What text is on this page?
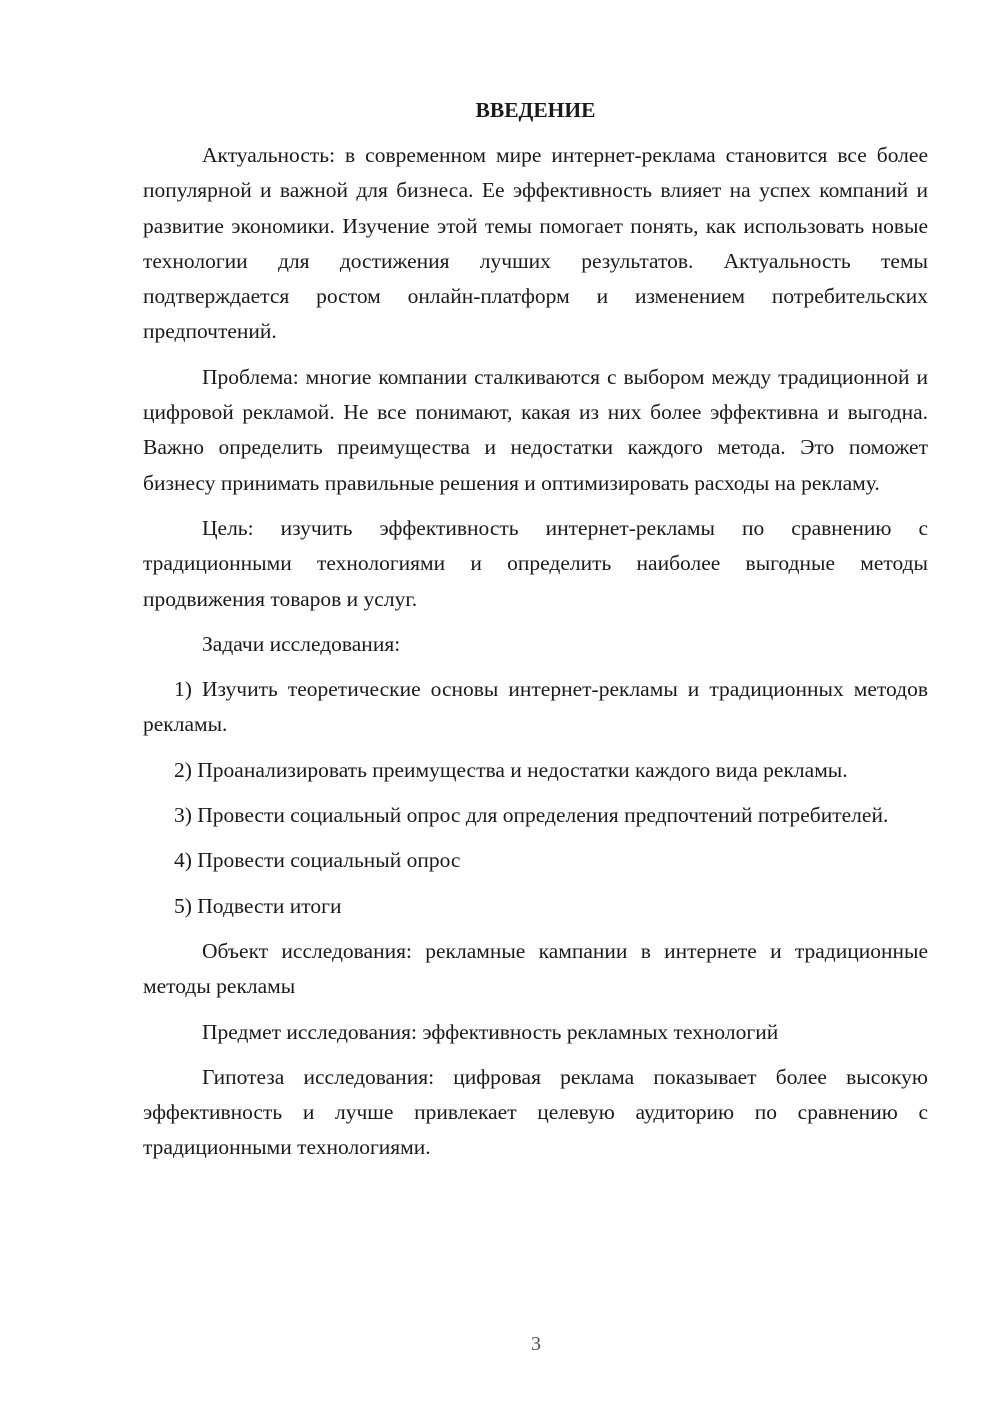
ВВЕДЕНИЕ

Актуальность: в современном мире интернет-реклама становится все более популярной и важной для бизнеса. Ее эффективность влияет на успех компаний и развитие экономики. Изучение этой темы помогает понять, как использовать новые технологии для достижения лучших результатов. Актуальность темы подтверждается ростом онлайн-платформ и изменением потребительских предпочтений.

Проблема: многие компании сталкиваются с выбором между традиционной и цифровой рекламой. Не все понимают, какая из них более эффективна и выгодна. Важно определить преимущества и недостатки каждого метода. Это поможет бизнесу принимать правильные решения и оптимизировать расходы на рекламу.

Цель: изучить эффективность интернет-рекламы по сравнению с традиционными технологиями и определить наиболее выгодные методы продвижения товаров и услуг.

Задачи исследования:

1) Изучить теоретические основы интернет-рекламы и традиционных методов рекламы.

2) Проанализировать преимущества и недостатки каждого вида рекламы.

3) Провести социальный опрос для определения предпочтений потребителей.

4) Провести социальный опрос

5) Подвести итоги

Объект исследования: рекламные кампании в интернете и традиционные методы рекламы

Предмет исследования: эффективность рекламных технологий

Гипотеза исследования: цифровая реклама показывает более высокую эффективность и лучше привлекает целевую аудиторию по сравнению с традиционными технологиями.

3
